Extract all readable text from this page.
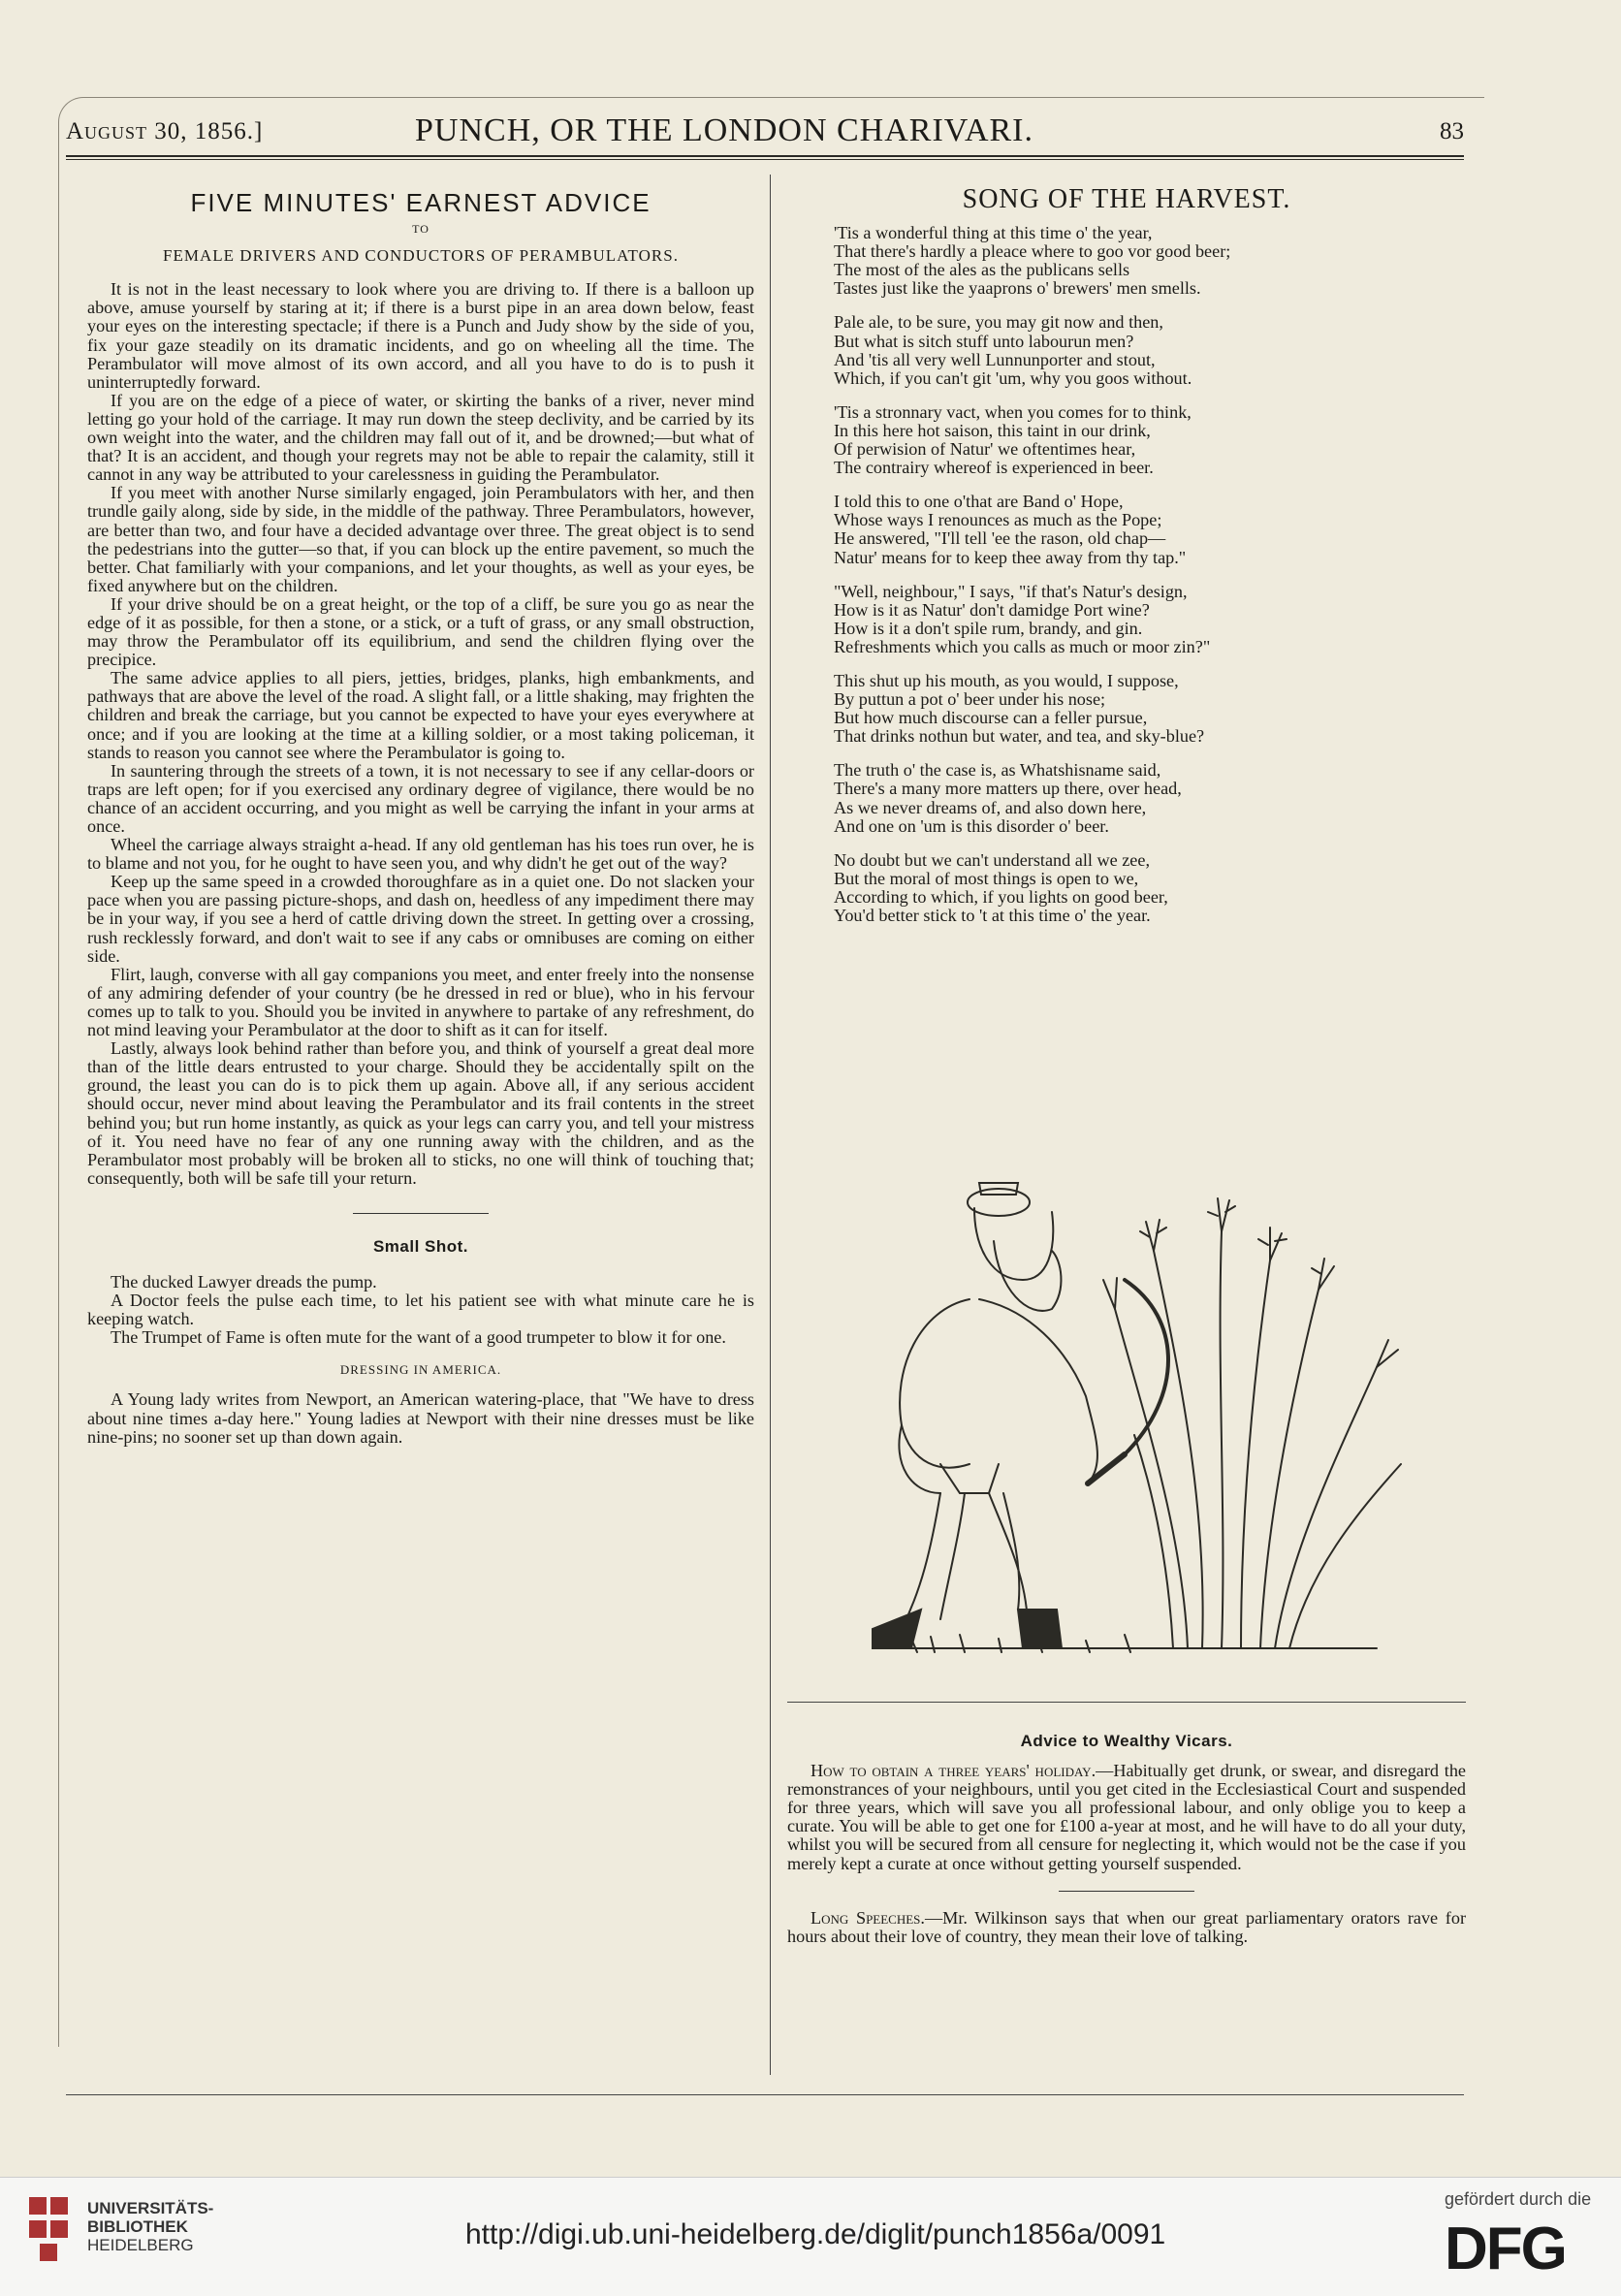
August 30, 1856.]	PUNCH, OR THE LONDON CHARIVARI.	83
FIVE MINUTES' EARNEST ADVICE
TO
FEMALE DRIVERS AND CONDUCTORS OF PERAMBULATORS.

It is not in the least necessary to look where you are driving to. If there is a balloon up above, amuse yourself by staring at it; if there is a burst pipe in an area down below, feast your eyes on the interesting spectacle; if there is a Punch and Judy show by the side of you, fix your gaze steadily on its dramatic incidents, and go on wheeling all the time. The Perambulator will move almost of its own accord, and all you have to do is to push it uninterruptedly forward.

If you are on the edge of a piece of water, or skirting the banks of a river, never mind letting go your hold of the carriage. It may run down the steep declivity, and be carried by its own weight into the water, and the children may fall out of it, and be drowned;—but what of that? It is an accident, and though your regrets may not be able to repair the calamity, still it cannot in any way be attributed to your carelessness in guiding the Perambulator.

If you meet with another Nurse similarly engaged, join Perambulators with her, and then trundle gaily along, side by side, in the middle of the pathway. Three Perambulators, however, are better than two, and four have a decided advantage over three. The great object is to send the pedestrians into the gutter—so that, if you can block up the entire pavement, so much the better. Chat familiarly with your companions, and let your thoughts, as well as your eyes, be fixed anywhere but on the children.

If your drive should be on a great height, or the top of a cliff, be sure you go as near the edge of it as possible, for then a stone, or a stick, or a tuft of grass, or any small obstruction, may throw the Perambulator off its equilibrium, and send the children flying over the precipice.

The same advice applies to all piers, jetties, bridges, planks, high embankments, and pathways that are above the level of the road. A slight fall, or a little shaking, may frighten the children and break the carriage, but you cannot be expected to have your eyes everywhere at once; and if you are looking at the time at a killing soldier, or a most taking policeman, it stands to reason you cannot see where the Perambulator is going to.

In sauntering through the streets of a town, it is not necessary to see if any cellar-doors or traps are left open; for if you exercised any ordinary degree of vigilance, there would be no chance of an accident occurring, and you might as well be carrying the infant in your arms at once.

Wheel the carriage always straight a-head. If any old gentleman has his toes run over, he is to blame and not you, for he ought to have seen you, and why didn't he get out of the way?

Keep up the same speed in a crowded thoroughfare as in a quiet one. Do not slacken your pace when you are passing picture-shops, and dash on, heedless of any impediment there may be in your way, if you see a herd of cattle driving down the street. In getting over a crossing, rush recklessly forward, and don't wait to see if any cabs or omnibuses are coming on either side.

Flirt, laugh, converse with all gay companions you meet, and enter freely into the nonsense of any admiring defender of your country (be he dressed in red or blue), who in his fervour comes up to talk to you. Should you be invited in anywhere to partake of any refreshment, do not mind leaving your Perambulator at the door to shift as it can for itself.

Lastly, always look behind rather than before you, and think of yourself a great deal more than of the little dears entrusted to your charge. Should they be accidentally spilt on the ground, the least you can do is to pick them up again. Above all, if any serious accident should occur, never mind about leaving the Perambulator and its frail contents in the street behind you; but run home instantly, as quick as your legs can carry you, and tell your mistress of it. You need have no fear of any one running away with the children, and as the Perambulator most probably will be broken all to sticks, no one will think of touching that; consequently, both will be safe till your return.

Small Shot.

The ducked Lawyer dreads the pump.

A Doctor feels the pulse each time, to let his patient see with what minute care he is keeping watch.

The Trumpet of Fame is often mute for the want of a good trumpeter to blow it for one.

DRESSING IN AMERICA.

A Young lady writes from Newport, an American watering-place, that "We have to dress about nine times a-day here." Young ladies at Newport with their nine dresses must be like nine-pins; no sooner set up than down again.

SONG OF THE HARVEST.
'Tis a wonderful thing at this time o' the year,
That there's hardly a pleace where to goo vor good beer;
The most of the ales as the publicans sells
Tastes just like the yaaprons o' brewers' men smells.
Pale ale, to be sure, you may git now and then,
But what is sitch stuff unto labourun men?
And 'tis all very well Lunnunporter and stout,
Which, if you can't git 'um, why you goos without.
'Tis a stronnary vact, when you comes for to think,
In this here hot saison, this taint in our drink,
Of perwision of Natur' we oftentimes hear,
The contrairy whereof is experienced in beer.
I told this to one o'that are Band o' Hope,
Whose ways I renounces as much as the Pope;
He answered, "I'll tell 'ee the rason, old chap—
Natur' means for to keep thee away from thy tap."
"Well, neighbour," I says, "if that's Natur's design,
How is it as Natur' don't damidge Port wine?
How is it a don't spile rum, brandy, and gin.
Refreshments which you calls as much or moor zin?"
This shut up his mouth, as you would, I suppose,
By puttun a pot o' beer under his nose;
But how much discourse can a feller pursue,
That drinks nothun but water, and tea, and sky-blue?
The truth o' the case is, as Whatshisname said,
There's a many more matters up there, over head,
As we never dreams of, and also down here,
And one on 'um is this disorder o' beer.
No doubt but we can't understand all we zee,
But the moral of most things is open to we,
According to which, if you lights on good beer,
You'd better stick to 't at this time o' the year.
Advice to Wealthy Vicars.

How to obtain a three years' holiday.—Habitually get drunk, or swear, and disregard the remonstrances of your neighbours, until you get cited in the Ecclesiastical Court and suspended for three years, which will save you all professional labour, and only oblige you to keep a curate. You will be able to get one for £100 a-year at most, and he will have to do all your duty, whilst you will be secured from all censure for neglecting it, which would not be the case if you merely kept a curate at once without getting yourself suspended.

Long Speeches.—Mr. Wilkinson says that when our great parliamentary orators rave for hours about their love of country, they mean their love of talking.

UNIVERSITÄTS-
BIBLIOTHEK
HEIDELBERG	http://digi.ub.uni-heidelberg.de/diglit/punch1856a/0091
gefördert durch die
DFG
